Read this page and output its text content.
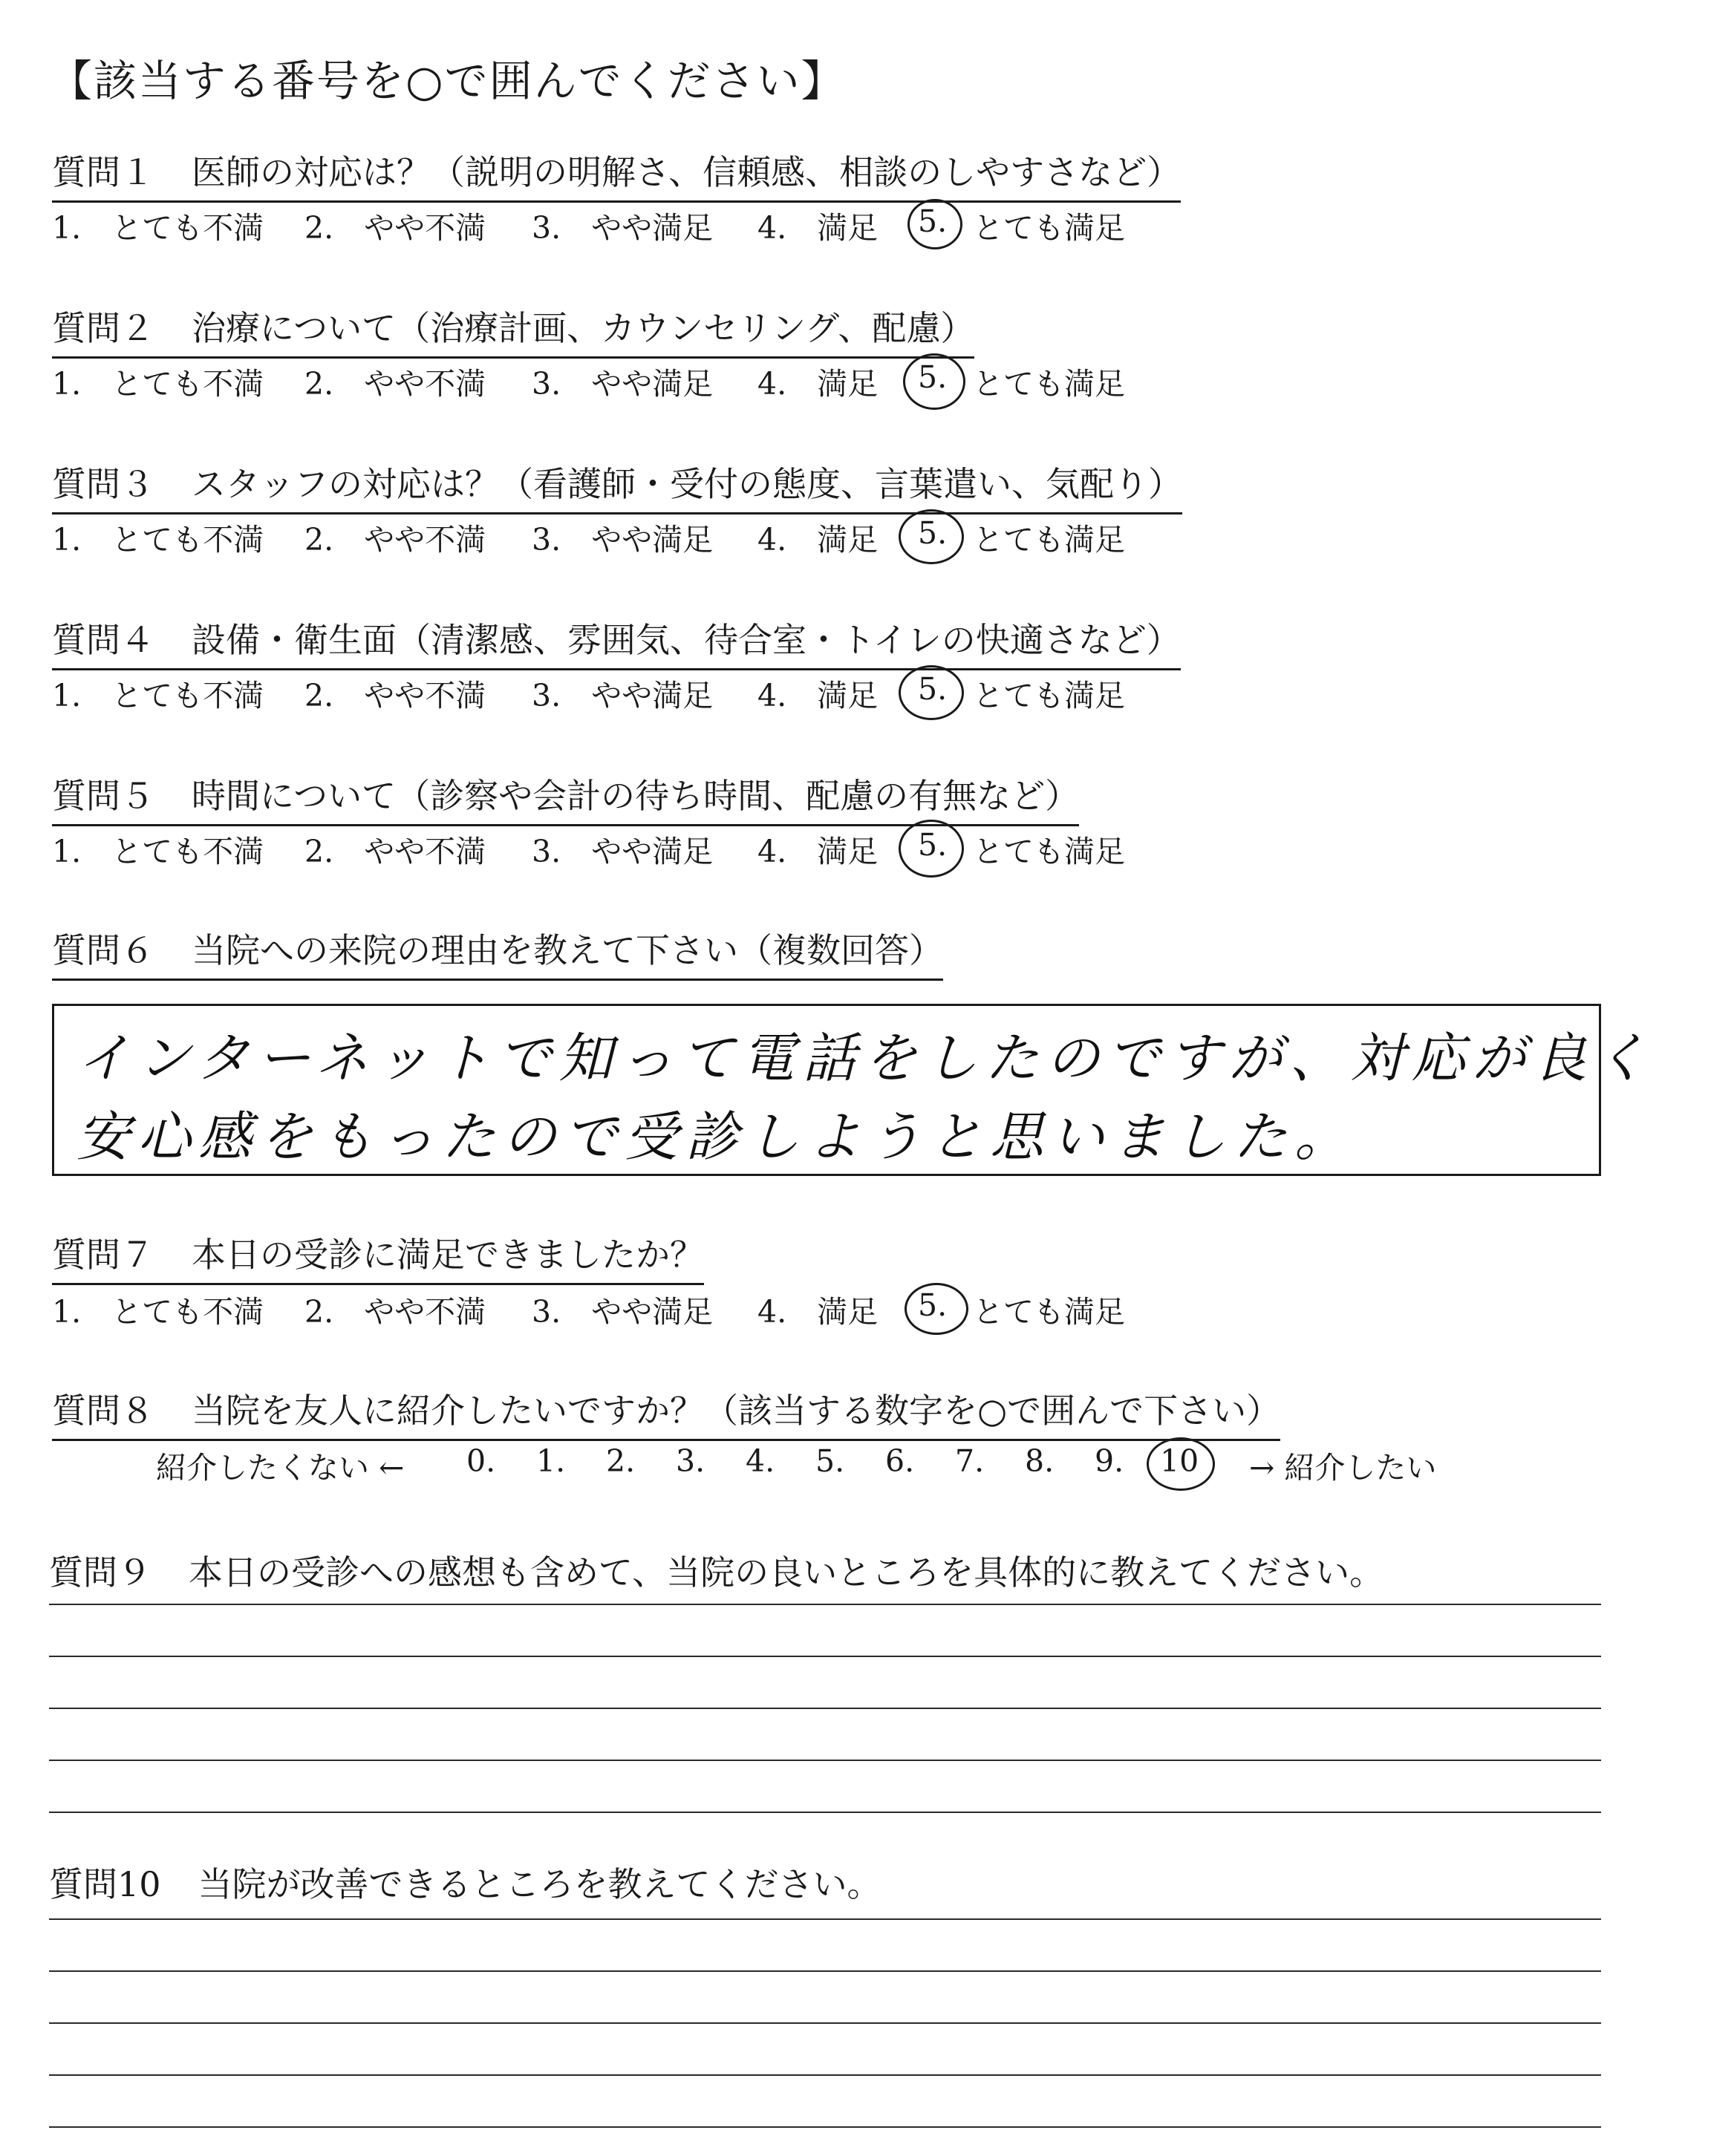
【該当する番号を○で囲んでください】
質問１ 医師の対応は？（説明の明解さ、信頼感、相談のしやすさなど）
1.　とても不満 2.　やや不満 3.　やや満足 4.　満足 5. とても満足
質問２ 治療について（治療計画、カウンセリング、配慮）
1.　とても不満 2.　やや不満 3.　やや満足 4.　満足 5. とても満足
質問３ スタッフの対応は？（看護師・受付の態度、言葉遣い、気配り）
1.　とても不満 2.　やや不満 3.　やや満足 4.　満足 5. とても満足
質問４ 設備・衛生面（清潔感、雰囲気、待合室・トイレの快適さなど）
1.　とても不満 2.　やや不満 3.　やや満足 4.　満足 5. とても満足
質問５ 時間について（診察や会計の待ち時間、配慮の有無など）
1.　とても不満 2.　やや不満 3.　やや満足 4.　満足 5. とても満足
質問６ 当院への来院の理由を教えて下さい（複数回答）
インターネットで知って電話をしたのですが、対応が良く
安心感をもったので受診しようと思いました。
質問７ 本日の受診に満足できましたか？
1.　とても不満 2.　やや不満 3.　やや満足 4.　満足 5. とても満足
質問８ 当院を友人に紹介したいですか？（該当する数字を○で囲んで下さい）
紹介したくない ← 0. 1. 2. 3. 4. 5. 6. 7. 8. 9. 10 → 紹介したい
質問９ 本日の受診への感想も含めて、当院の良いところを具体的に教えてください。
質問10 当院が改善できるところを教えてください。
